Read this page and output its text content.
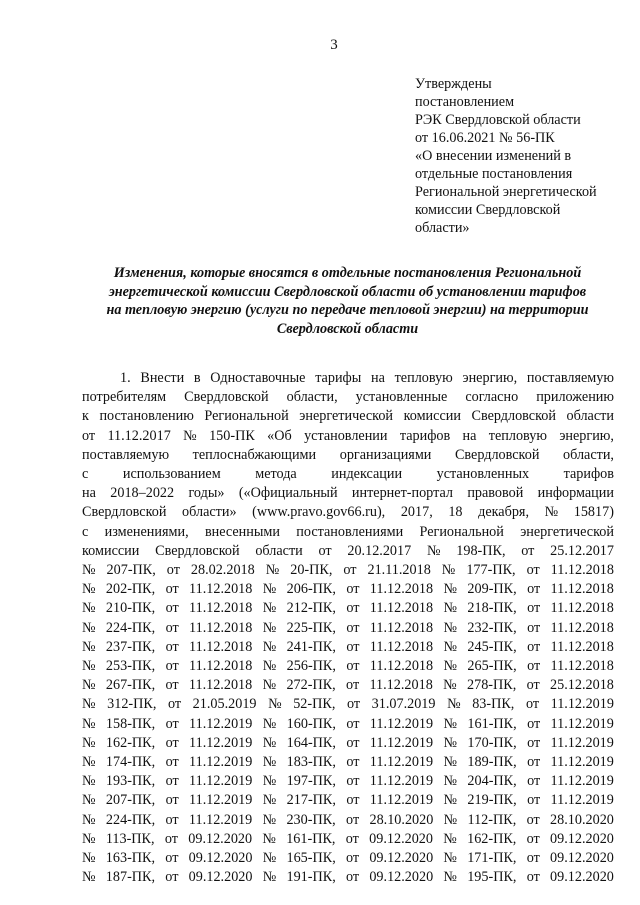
3
Утверждены
постановлением
РЭК Свердловской области
от 16.06.2021 № 56-ПК
«О внесении изменений в
отдельные постановления
Региональной энергетической
комиссии Свердловской
области»
Изменения, которые вносятся в отдельные постановления Региональной
энергетической комиссии Свердловской области об установлении тарифов
на тепловую энергию (услуги по передаче тепловой энергии) на территории
Свердловской области
1. Внести в Одноставочные тарифы на тепловую энергию, поставляемую
потребителям Свердловской области, установленные согласно приложению
к постановлению Региональной энергетической комиссии Свердловской области
от 11.12.2017 № 150-ПК «Об установлении тарифов на тепловую энергию,
поставляемую теплоснабжающими организациями Свердловской области,
с использованием метода индексации установленных тарифов
на 2018–2022 годы» («Официальный интернет-портал правовой информации
Свердловской области» (www.pravo.gov66.ru), 2017, 18 декабря, № 15817)
с изменениями, внесенными постановлениями Региональной энергетической
комиссии Свердловской области от 20.12.2017 № 198-ПК, от 25.12.2017
№ 207-ПК, от 28.02.2018 № 20-ПК, от 21.11.2018 № 177-ПК, от 11.12.2018
№ 202-ПК, от 11.12.2018 № 206-ПК, от 11.12.2018 № 209-ПК, от 11.12.2018
№ 210-ПК, от 11.12.2018 № 212-ПК, от 11.12.2018 № 218-ПК, от 11.12.2018
№ 224-ПК, от 11.12.2018 № 225-ПК, от 11.12.2018 № 232-ПК, от 11.12.2018
№ 237-ПК, от 11.12.2018 № 241-ПК, от 11.12.2018 № 245-ПК, от 11.12.2018
№ 253-ПК, от 11.12.2018 № 256-ПК, от 11.12.2018 № 265-ПК, от 11.12.2018
№ 267-ПК, от 11.12.2018 № 272-ПК, от 11.12.2018 № 278-ПК, от 25.12.2018
№ 312-ПК, от 21.05.2019 № 52-ПК, от 31.07.2019 № 83-ПК, от 11.12.2019
№ 158-ПК, от 11.12.2019 № 160-ПК, от 11.12.2019 № 161-ПК, от 11.12.2019
№ 162-ПК, от 11.12.2019 № 164-ПК, от 11.12.2019 № 170-ПК, от 11.12.2019
№ 174-ПК, от 11.12.2019 № 183-ПК, от 11.12.2019 № 189-ПК, от 11.12.2019
№ 193-ПК, от 11.12.2019 № 197-ПК, от 11.12.2019 № 204-ПК, от 11.12.2019
№ 207-ПК, от 11.12.2019 № 217-ПК, от 11.12.2019 № 219-ПК, от 11.12.2019
№ 224-ПК, от 11.12.2019 № 230-ПК, от 28.10.2020 № 112-ПК, от 28.10.2020
№ 113-ПК, от 09.12.2020 № 161-ПК, от 09.12.2020 № 162-ПК, от 09.12.2020
№ 163-ПК, от 09.12.2020 № 165-ПК, от 09.12.2020 № 171-ПК, от 09.12.2020
№ 187-ПК, от 09.12.2020 № 191-ПК, от 09.12.2020 № 195-ПК, от 09.12.2020
